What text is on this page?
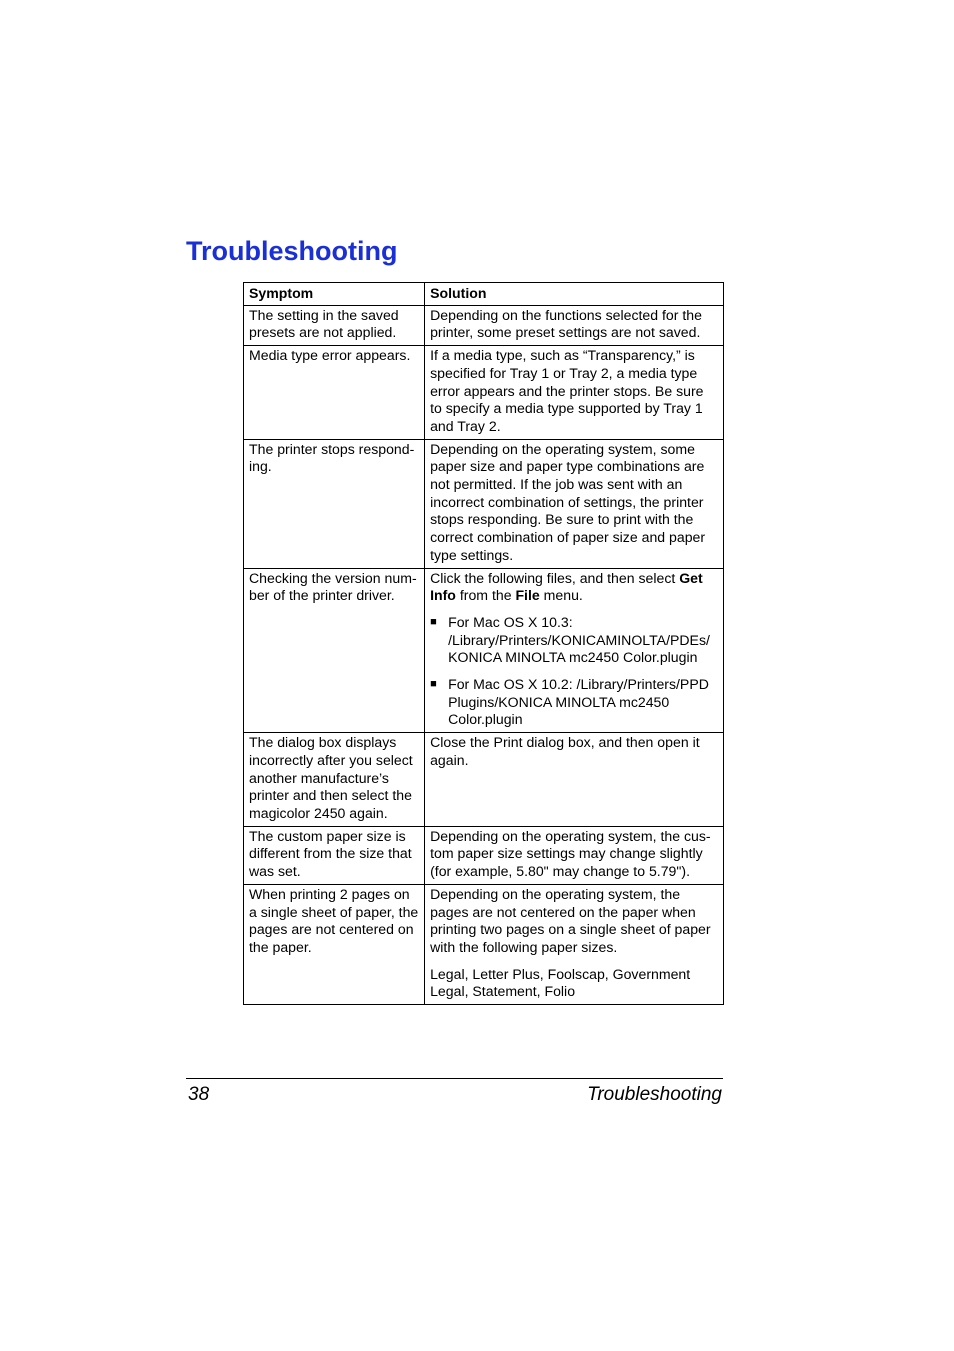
Troubleshooting
Symptom	Solution
The setting in the saved presets are not applied.	Depending on the functions selected for the printer, some preset settings are not saved.
Media type error appears.	If a media type, such as “Transparency,” is specified for Tray 1 or Tray 2, a media type error appears and the printer stops. Be sure to specify a media type supported by Tray 1 and Tray 2.
The printer stops respond-ing.	Depending on the operating system, some paper size and paper type combinations are not permitted. If the job was sent with an incorrect combination of settings, the printer stops responding. Be sure to print with the correct combination of paper size and paper type settings.
Checking the version num-ber of the printer driver.	Click the following files, and then select Get Info from the File menu.

■ For Mac OS X 10.3: /Library/Printers/KONICAMINOLTA/PDEs/ KONICA MINOLTA mc2450 Color.plugin
■ For Mac OS X 10.2: /Library/Printers/PPD Plugins/KONICA MINOLTA mc2450 Color.plugin

The dialog box displays incorrectly after you select another manufacture’s printer and then select the magicolor 2450 again.	Close the Print dialog box, and then open it again.
The custom paper size is different from the size that was set.	Depending on the operating system, the cus-tom paper size settings may change slightly (for example, 5.80" may change to 5.79").
When printing 2 pages on a single sheet of paper, the pages are not centered on the paper.	Depending on the operating system, the pages are not centered on the paper when printing two pages on a single sheet of paper with the following paper sizes.

Legal, Letter Plus, Foolscap, Government Legal, Statement, Folio

38	Troubleshooting
